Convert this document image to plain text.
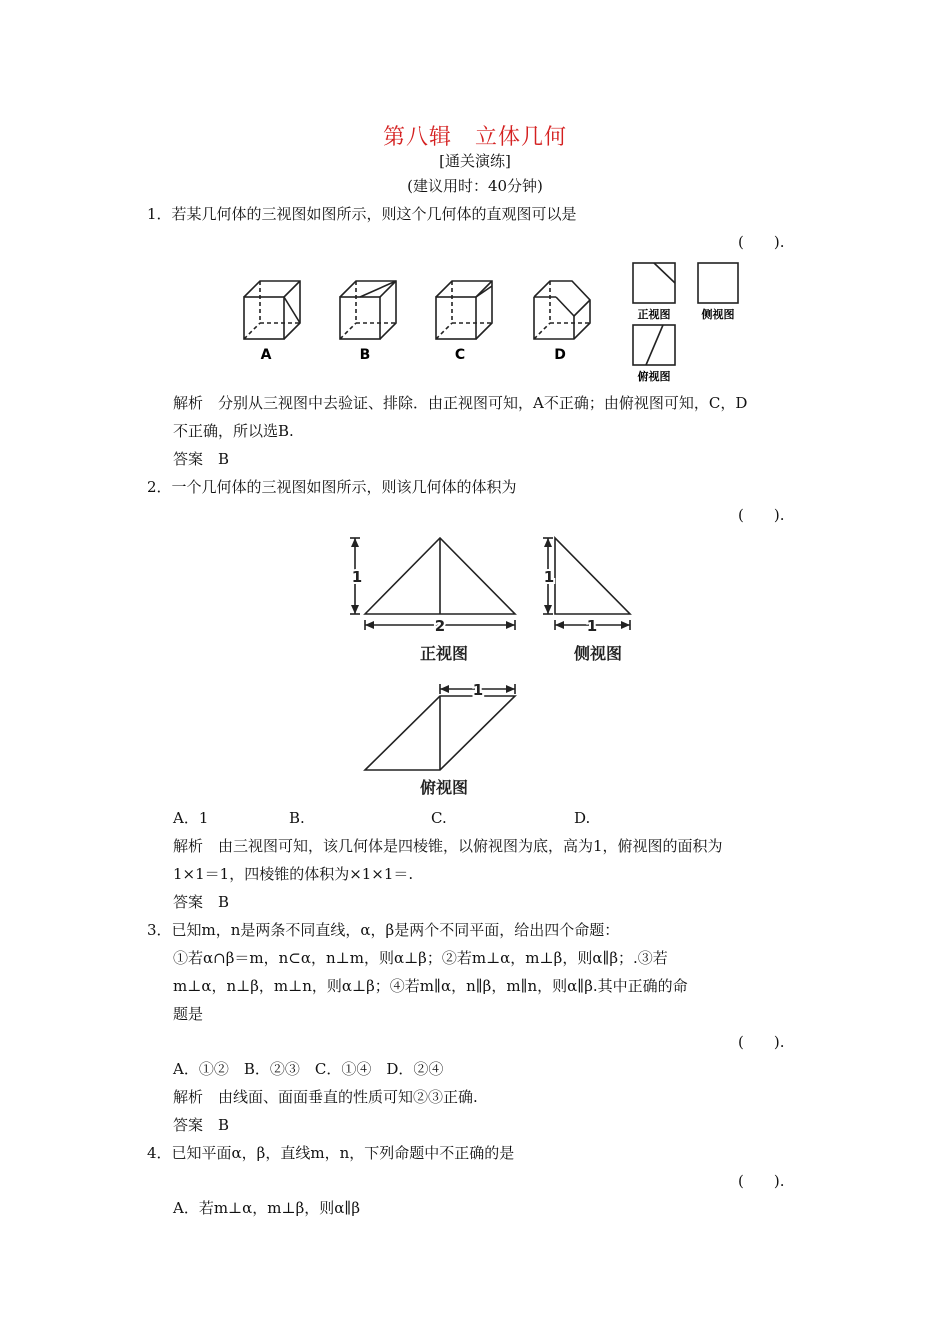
第八辑　立体几何
[通关演练]
(建议用时：40分钟)
1．若某几何体的三视图如图所示，则这个几何体的直观图可以是
(　　).
A	B	C	D
正视图	侧视图
俯视图
解析　分别从三视图中去验证、排除．由正视图可知，A不正确；由俯视图可知，C，D
不正确，所以选B.
答案　B
2．一个几何体的三视图如图所示，则该几何体的体积为
(　　).
1
2
1
1
1
正视图	侧视图
俯视图
A．1	B.	C.	D.
解析　由三视图可知，该几何体是四棱锥，以俯视图为底，高为1，俯视图的面积为
1×1＝1，四棱锥的体积为×1×1＝.
答案　B
3．已知m，n是两条不同直线，α，β是两个不同平面，给出四个命题：
①若α∩β＝m，n⊂α，n⊥m，则α⊥β；②若m⊥α，m⊥β，则α∥β；.③若
m⊥α，n⊥β，m⊥n，则α⊥β；④若m∥α，n∥β，m∥n，则α∥β.其中正确的命
题是
(　　).
A．①②　B．②③　C．①④　D．②④
解析　由线面、面面垂直的性质可知②③正确.
答案　B
4．已知平面α，β，直线m，n，下列命题中不正确的是
(　　).
A．若m⊥α，m⊥β，则α∥β
